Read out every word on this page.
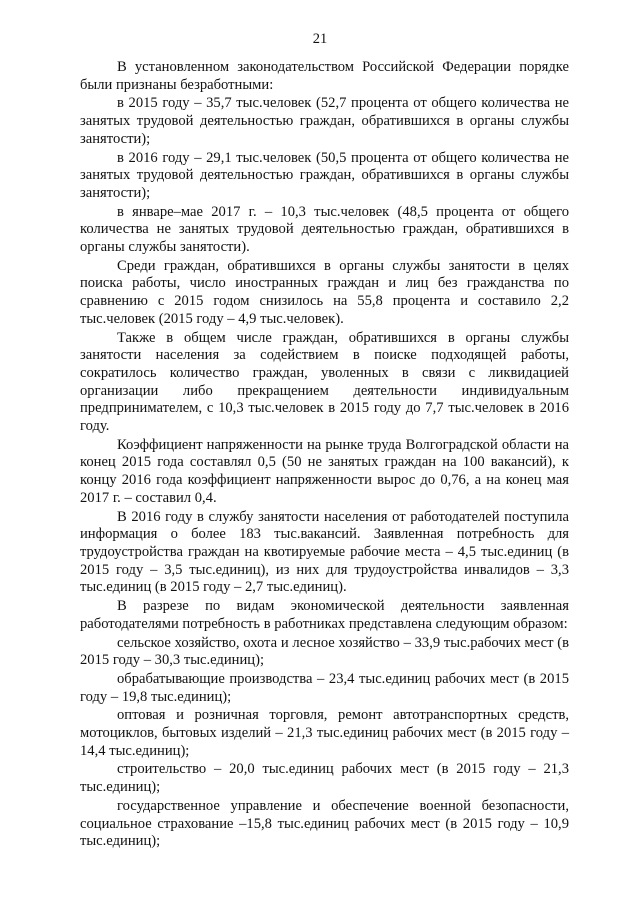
21

В установленном законодательством Российской Федерации порядке были признаны безработными:

в 2015 году – 35,7 тыс.человек (52,7 процента от общего количества не занятых трудовой деятельностью граждан, обратившихся в органы службы занятости);

в 2016 году – 29,1 тыс.человек (50,5 процента от общего количества не занятых трудовой деятельностью граждан, обратившихся в органы службы занятости);

в январе–мае 2017 г. – 10,3 тыс.человек (48,5 процента от общего количества не занятых трудовой деятельностью граждан, обратившихся в органы службы занятости).

Среди граждан, обратившихся в органы службы занятости в целях поиска работы, число иностранных граждан и лиц без гражданства по сравнению с 2015 годом снизилось на 55,8 процента и составило 2,2 тыс.человек (2015 году – 4,9 тыс.человек).

Также в общем числе граждан, обратившихся в органы службы занятости населения за содействием в поиске подходящей работы, сократилось количество граждан, уволенных в связи с ликвидацией организации либо прекращением деятельности индивидуальным предпринимателем, с 10,3 тыс.человек в 2015 году до 7,7 тыс.человек в 2016 году.

Коэффициент напряженности на рынке труда Волгоградской области на конец 2015 года составлял 0,5 (50 не занятых граждан на 100 вакансий), к концу 2016 года коэффициент напряженности вырос до 0,76, а на конец мая 2017 г. – составил 0,4.

В 2016 году в службу занятости населения от работодателей поступила информация о более 183 тыс.вакансий. Заявленная потребность для трудоустройства граждан на квотируемые рабочие места – 4,5 тыс.единиц (в 2015 году – 3,5 тыс.единиц), из них для трудоустройства инвалидов – 3,3 тыс.единиц (в 2015 году – 2,7 тыс.единиц).

В разрезе по видам экономической деятельности заявленная работодателями потребность в работниках представлена следующим образом:

сельское хозяйство, охота и лесное хозяйство – 33,9 тыс.рабочих мест (в 2015 году – 30,3 тыс.единиц);

обрабатывающие производства – 23,4 тыс.единиц рабочих мест (в 2015 году – 19,8 тыс.единиц);

оптовая и розничная торговля, ремонт автотранспортных средств, мотоциклов, бытовых изделий – 21,3 тыс.единиц рабочих мест (в 2015 году – 14,4 тыс.единиц);

строительство – 20,0 тыс.единиц рабочих мест (в 2015 году – 21,3 тыс.единиц);

государственное управление и обеспечение военной безопасности, социальное страхование –15,8 тыс.единиц рабочих мест (в 2015 году – 10,9 тыс.единиц);
